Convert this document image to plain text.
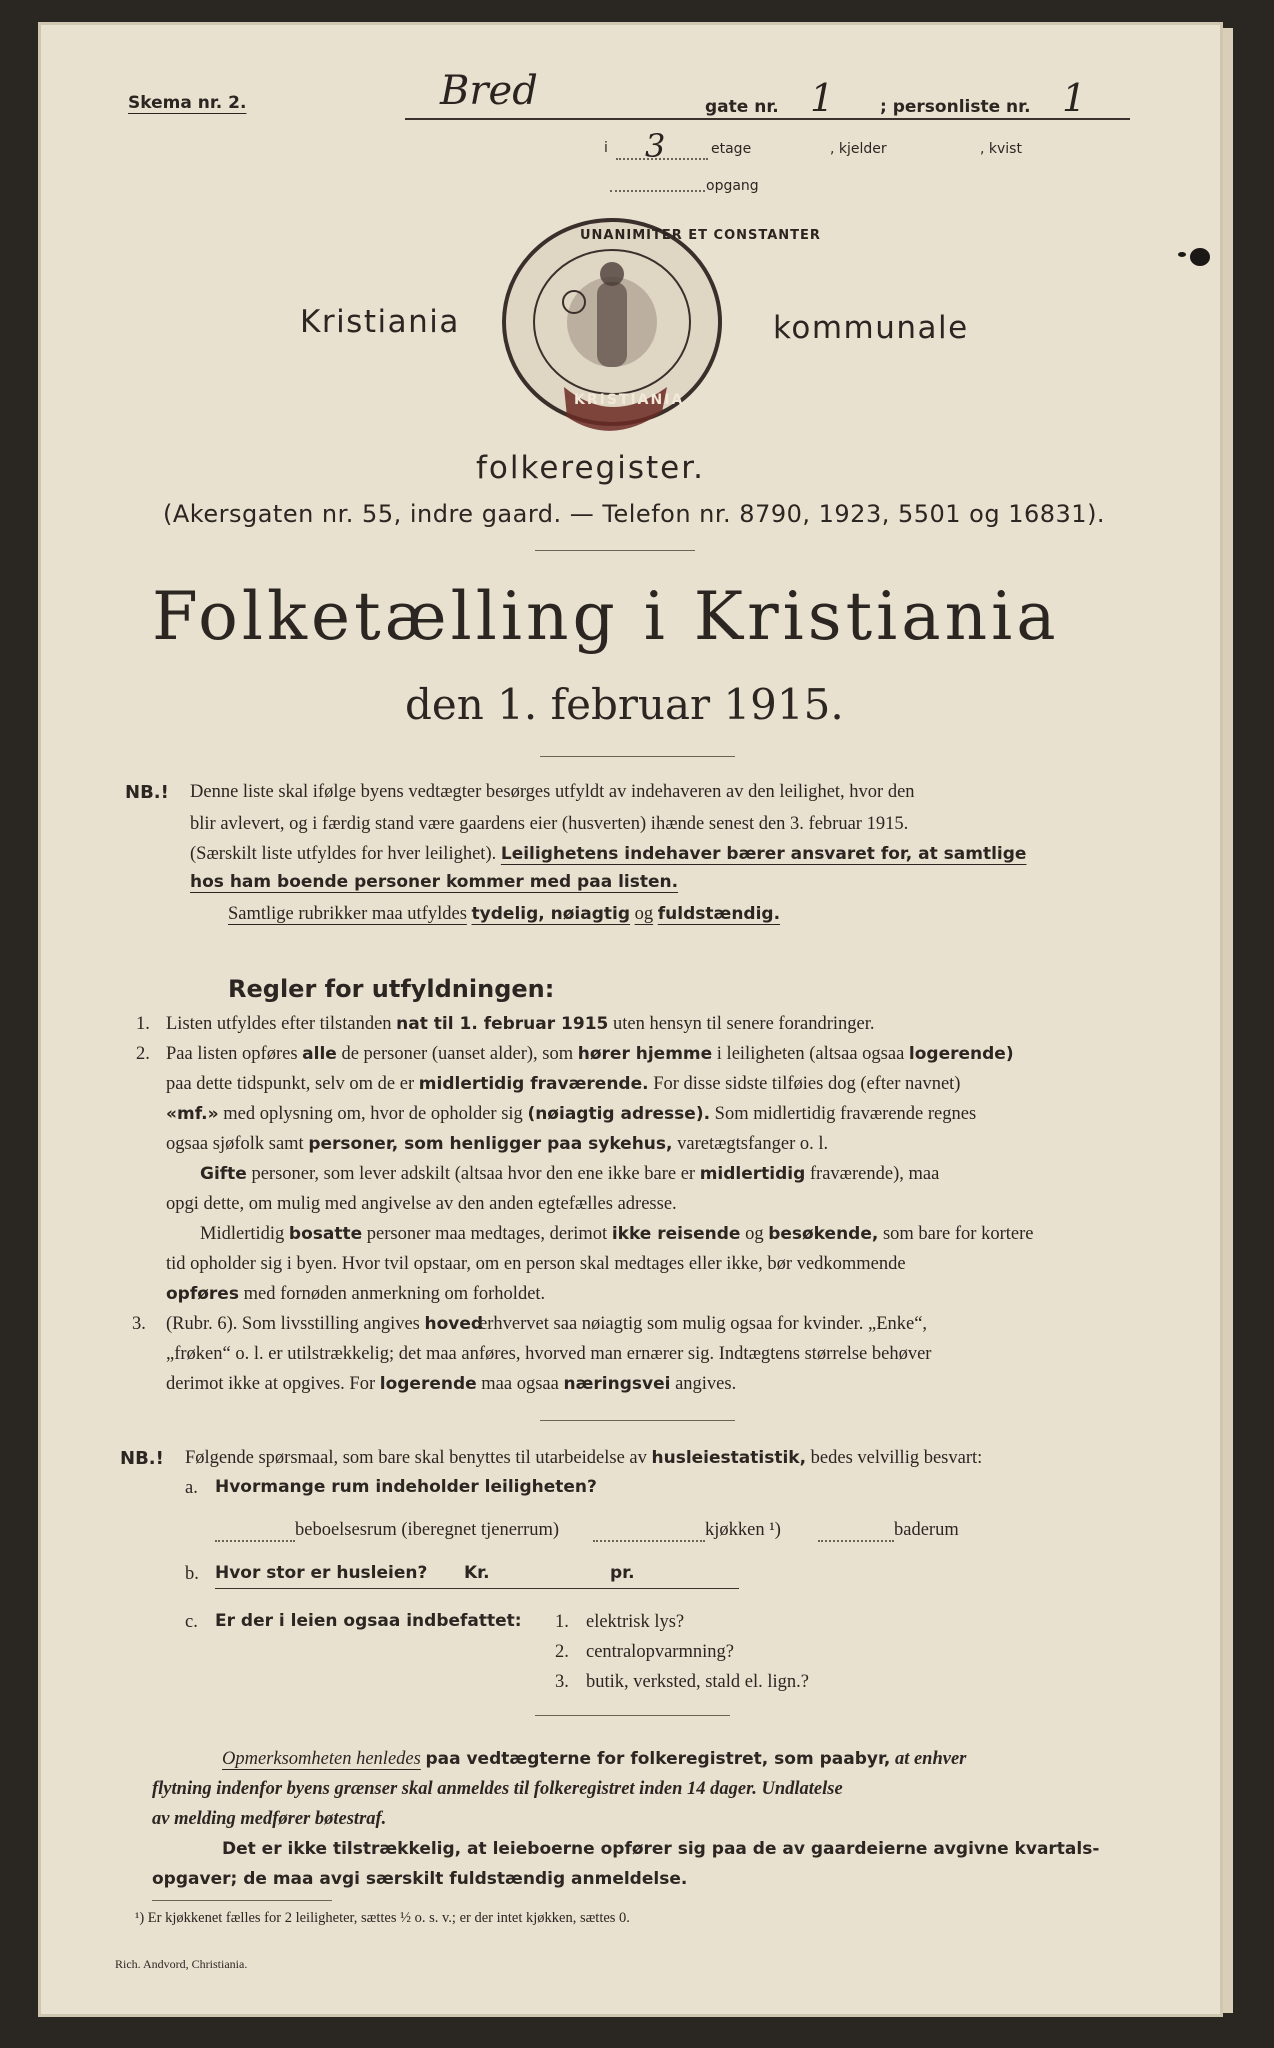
Skema nr. 2.	Bred	gate nr. 1	; personliste nr. 1
i 3	etage	, kjelder	, kvist
opgang
UNANIMITER ET CONSTANTER
KRISTIANIA
Kristiania	kommunale
folkeregister.
(Akersgaten nr. 55, indre gaard. — Telefon nr. 8790, 1923, 5501 og 16831).
Folketælling i Kristiania
den 1. februar 1915.
NB.! Denne liste skal ifølge byens vedtægter besørges utfyldt av indehaveren av den leilighet, hvor den
blir avlevert, og i færdig stand være gaardens eier (husverten) ihænde senest den 3. februar 1915.
(Særskilt liste utfyldes for hver leilighet). Leilighetens indehaver bærer ansvaret for, at samtlige
hos ham boende personer kommer med paa listen.
Samtlige rubrikker maa utfyldes tydelig, nøiagtig og fuldstændig.
Regler for utfyldningen:
1. Listen utfyldes efter tilstanden nat til 1. februar 1915 uten hensyn til senere forandringer.
2. Paa listen opføres alle de personer (uanset alder), som hører hjemme i leiligheten (altsaa ogsaa logerende)
paa dette tidspunkt, selv om de er midlertidig fraværende. For disse sidste tilføies dog (efter navnet)
«mf.» med oplysning om, hvor de opholder sig (nøiagtig adresse). Som midlertidig fraværende regnes
ogsaa sjøfolk samt personer, som henligger paa sykehus, varetægtsfanger o. l.
Gifte personer, som lever adskilt (altsaa hvor den ene ikke bare er midlertidig fraværende), maa
opgi dette, om mulig med angivelse av den anden egtefælles adresse.
Midlertidig bosatte personer maa medtages, derimot ikke reisende og besøkende, som bare for kortere
tid opholder sig i byen. Hvor tvil opstaar, om en person skal medtages eller ikke, bør vedkommende
opføres med fornøden anmerkning om forholdet.
3. (Rubr. 6). Som livsstilling angives hovederhvervet saa nøiagtig som mulig ogsaa for kvinder. „Enke“,
„frøken“ o. l. er utilstrækkelig; det maa anføres, hvorved man ernærer sig. Indtægtens størrelse behøver
derimot ikke at opgives. For logerende maa ogsaa næringsvei angives.
NB.! Følgende spørsmaal, som bare skal benyttes til utarbeidelse av husleiestatistik, bedes velvillig besvart:
a. Hvormange rum indeholder leiligheten?
beboelsesrum (iberegnet tjenerrum)	kjøkken ¹)	baderum
b. Hvor stor er husleien? Kr.	pr.
c. Er der i leien ogsaa indbefattet: 1. elektrisk lys?
2. centralopvarmning?
3. butik, verksted, stald el. lign.?
Opmerksomheten henledes paa vedtægterne for folkeregistret, som paabyr, at enhver
flytning indenfor byens grænser skal anmeldes til folkeregistret inden 14 dager. Undlatelse
av melding medfører bøtestraf.
Det er ikke tilstrækkelig, at leieboerne opfører sig paa de av gaardeierne avgivne kvartals-
opgaver; de maa avgi særskilt fuldstændig anmeldelse.
¹) Er kjøkkenet fælles for 2 leiligheter, sættes ½ o. s. v.; er der intet kjøkken, sættes 0.
Rich. Andvord, Christiania.
